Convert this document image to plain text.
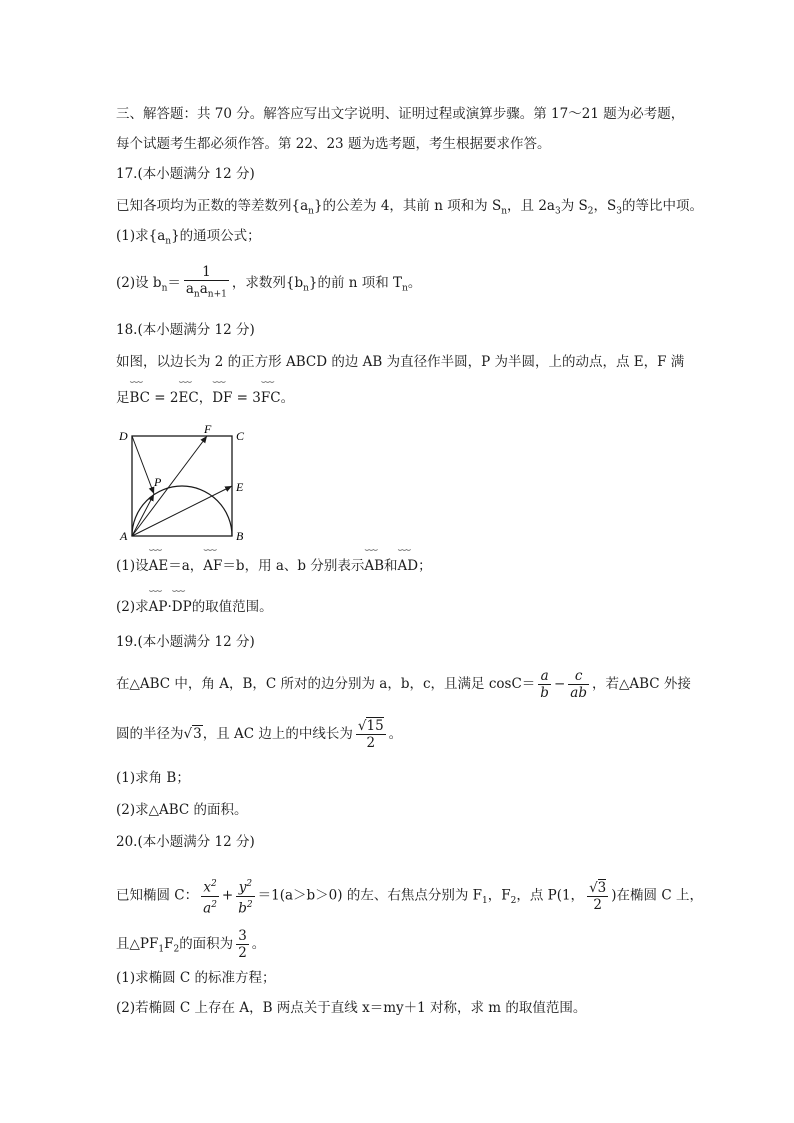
三、解答题：共 70 分。解答应写出文字说明、证明过程或演算步骤。第 17～21 题为必考题，
每个试题考生都必须作答。第 22、23 题为选考题，考生根据要求作答。
17.(本小题满分 12 分)
已知各项均为正数的等差数列$\{a_n\}$的公差为 4，其前 n 项和为 $S_n$，且 $2a_3$为 $S_2$，$S_3$的等比中项。
(1)求$\{a_n\}$的通项公式；
(2)设 $b_n= \frac{1}{a_na_{n+1}}$ ，求数列$\{b_n\}$的前 n 项和 $T_n$。
18.(本小题满分 12 分)
如图，以边长为 2 的正方形 ABCD 的边 AB 为直径作半圆，P 为半圆，上的动点，点 E，F 满
足⌣⌣⌣ BC = 2⌣⌣⌣ EC，⌣⌣⌣ DF = 3⌣⌣⌣ FC。
D	C
F
P	E
A	B
(1)设⌣⌣⌣ AE＝a，⌣⌣⌣ AF＝b，用 a、b 分别表示⌣⌣⌣ AB和⌣⌣⌣ AD；
(2)求⌣⌣⌣ AP·⌣⌣⌣ DP的取值范围。
19.(本小题满分 12 分)
在△ABC 中，角 A，B，C 所对的边分别为 a，b，c，且满足 $\cos C= \frac{a}{b} - \frac{c}{ab}$ ，若△ABC 外接
圆的半径为√3，且 AC 边上的中线长为 $\frac{√15}{2}$ 。
(1)求角 B；
(2)求△ABC 的面积。
20.(本小题满分 12 分)
已知椭圆 C： $\frac{x^2}{a^2} + \frac{y^2}{b^2} =1(a>b>0)$ 的左、右焦点分别为 $F_1$，$F_2$，点 P(1， $\frac{√3}{2}$ )在椭圆 C 上，
且$\triangle PF_1F_2$的面积为 $\frac{3}{2}$ 。
(1)求椭圆 C 的标准方程；
(2)若椭圆 C 上存在 A，B 两点关于直线 x＝my＋1 对称，求 m 的取值范围。
